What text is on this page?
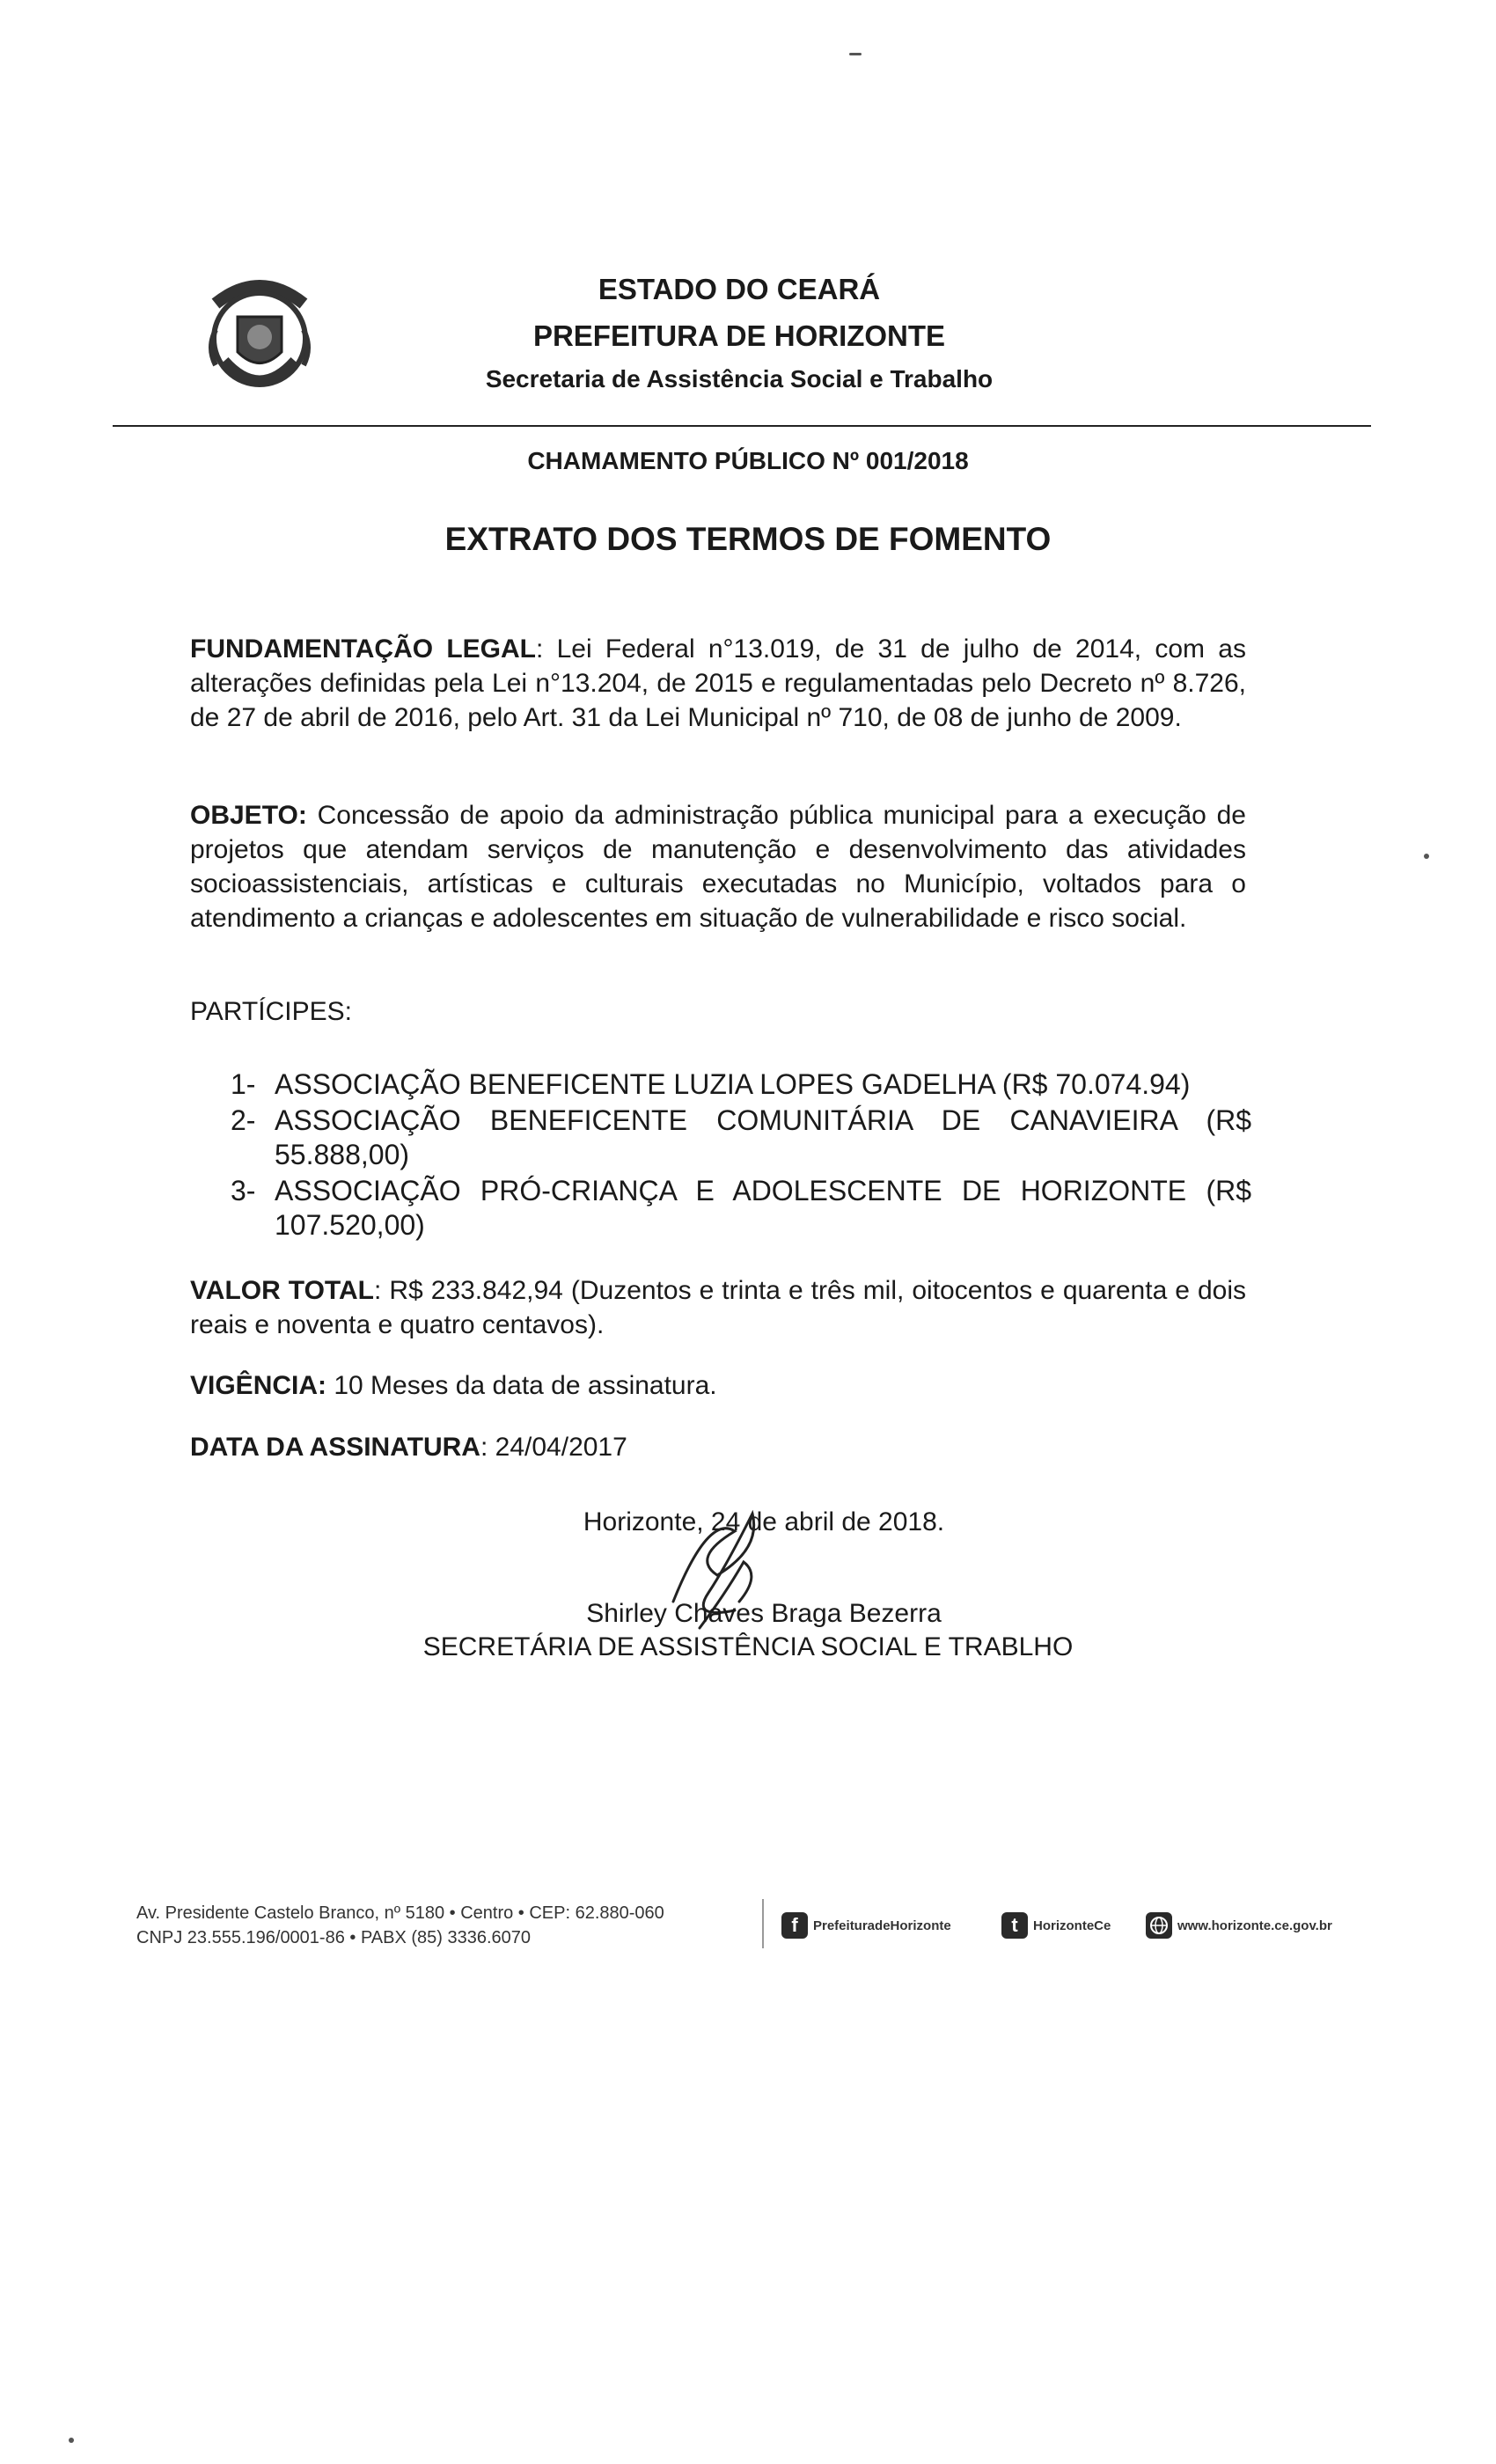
ESTADO DO CEARÁ
PREFEITURA DE HORIZONTE
Secretaria de Assistência Social e Trabalho
CHAMAMENTO PÚBLICO Nº 001/2018
EXTRATO DOS TERMOS DE FOMENTO
FUNDAMENTAÇÃO LEGAL: Lei Federal n°13.019, de 31 de julho de 2014, com as alterações definidas pela Lei n°13.204, de 2015 e regulamentadas pelo Decreto nº 8.726, de 27 de abril de 2016, pelo Art. 31 da Lei Municipal nº 710, de 08 de junho de 2009.
OBJETO: Concessão de apoio da administração pública municipal para a execução de projetos que atendam serviços de manutenção e desenvolvimento das atividades socioassistenciais, artísticas e culturais executadas no Município, voltados para o atendimento a crianças e adolescentes em situação de vulnerabilidade e risco social.
PARTÍCIPES:
1- ASSOCIAÇÃO BENEFICENTE LUZIA LOPES GADELHA (R$ 70.074.94)
2- ASSOCIAÇÃO BENEFICENTE COMUNITÁRIA DE CANAVIEIRA (R$ 55.888,00)
3- ASSOCIAÇÃO PRÓ-CRIANÇA E ADOLESCENTE DE HORIZONTE (R$ 107.520,00)
VALOR TOTAL: R$ 233.842,94 (Duzentos e trinta e três mil, oitocentos e quarenta e dois reais e noventa e quatro centavos).
VIGÊNCIA: 10 Meses da data de assinatura.
DATA DA ASSINATURA: 24/04/2017
Horizonte, 24 de abril de 2018.
Shirley Chaves Braga Bezerra
SECRETÁRIA DE ASSISTÊNCIA SOCIAL E TRABLHO
Av. Presidente Castelo Branco, nº 5180 • Centro • CEP: 62.880-060
CNPJ 23.555.196/0001-86 • PABX (85) 3336.6070
f	PrefeituradeHorizonte	t	HorizonteCe	www.horizonte.ce.gov.br
